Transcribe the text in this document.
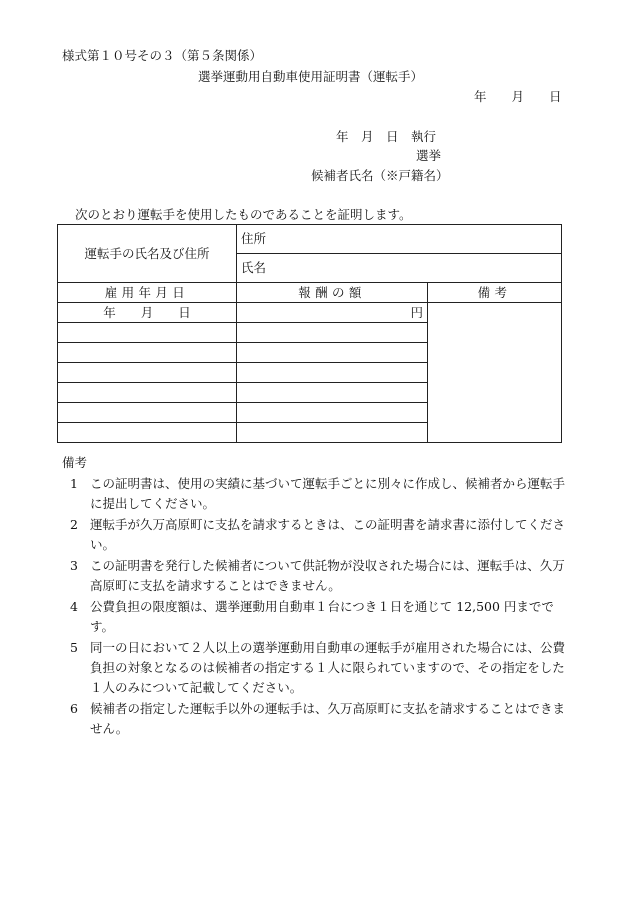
様式第１０号その３（第５条関係）
選挙運動用自動車使用証明書（運転手）
年　　月　　日
年　月　日　執行
選挙
候補者氏名（※戸籍名）
次のとおり運転手を使用したものであることを証明します。
運転手の氏名及び住所	住所	
	氏名	
雇用年月日	報酬の額	備考
年　　月　　日	円	

備考
1 この証明書は、使用の実績に基づいて運転手ごとに別々に作成し、候補者から運転手に提出してください。
2 運転手が久万高原町に支払を請求するときは、この証明書を請求書に添付してください。
3 この証明書を発行した候補者について供託物が没収された場合には、運転手は、久万高原町に支払を請求することはできません。
4 公費負担の限度額は、選挙運動用自動車１台につき１日を通じて 12,500 円までです。
5 同一の日において２人以上の選挙運動用自動車の運転手が雇用された場合には、公費負担の対象となるのは候補者の指定する１人に限られていますので、その指定をした１人のみについて記載してください。
6 候補者の指定した運転手以外の運転手は、久万高原町に支払を請求することはできません。
